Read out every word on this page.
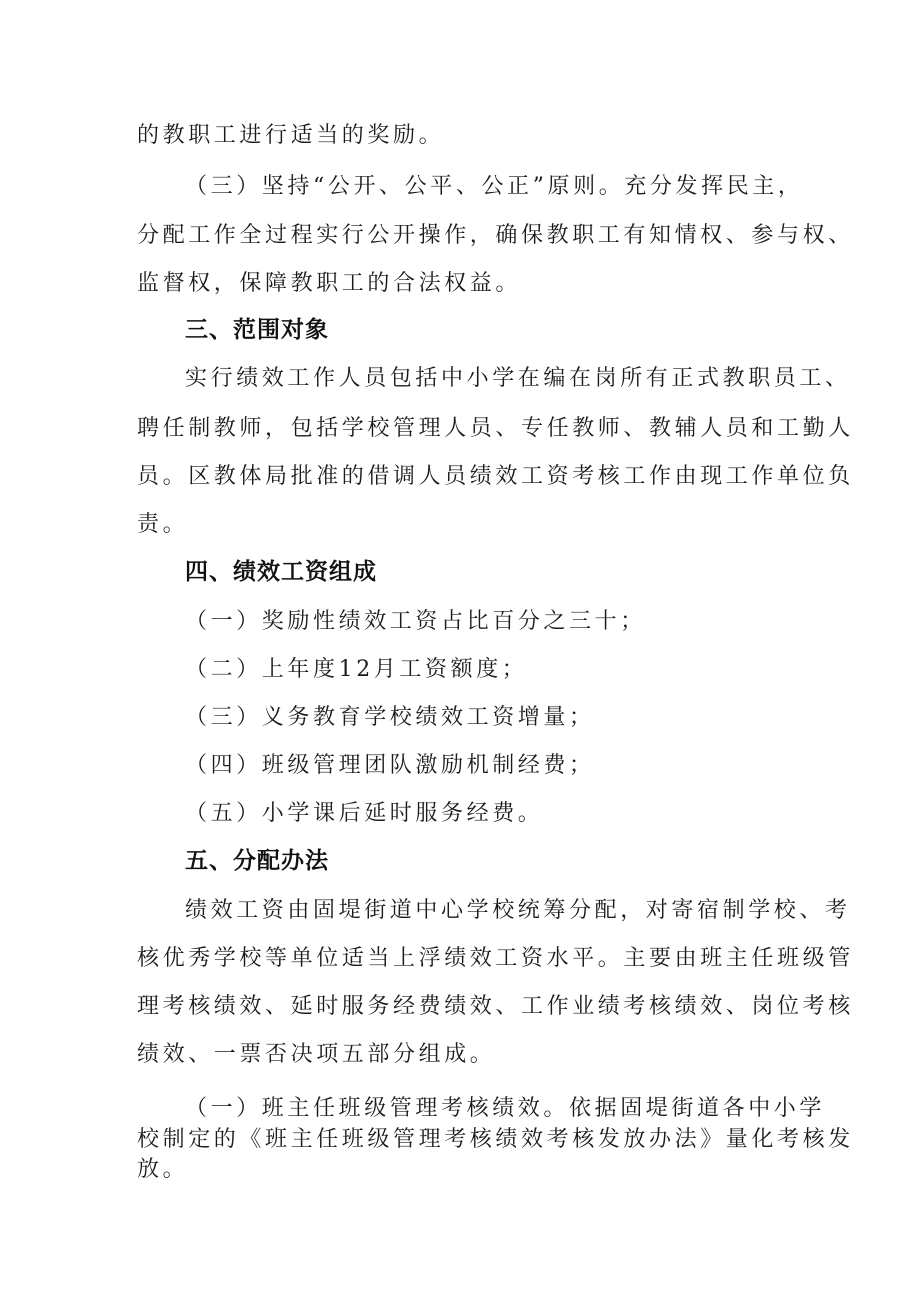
的教职工进行适当的奖励。
（三）坚持“公开、公平、公正”原则。充分发挥民主，
分配工作全过程实行公开操作，确保教职工有知情权、参与权、
监督权，保障教职工的合法权益。
三、范围对象
实行绩效工作人员包括中小学在编在岗所有正式教职员工、
聘任制教师，包括学校管理人员、专任教师、教辅人员和工勤人
员。区教体局批准的借调人员绩效工资考核工作由现工作单位负
责。
四、绩效工资组成
（一）奖励性绩效工资占比百分之三十；
（二）上年度12月工资额度；
（三）义务教育学校绩效工资增量；
（四）班级管理团队激励机制经费；
（五）小学课后延时服务经费。
五、分配办法
绩效工资由固堤街道中心学校统筹分配，对寄宿制学校、考
核优秀学校等单位适当上浮绩效工资水平。主要由班主任班级管
理考核绩效、延时服务经费绩效、工作业绩考核绩效、岗位考核
绩效、一票否决项五部分组成。
（一）班主任班级管理考核绩效。依据固堤街道各中小学
校制定的《班主任班级管理考核绩效考核发放办法》量化考核发
放。
